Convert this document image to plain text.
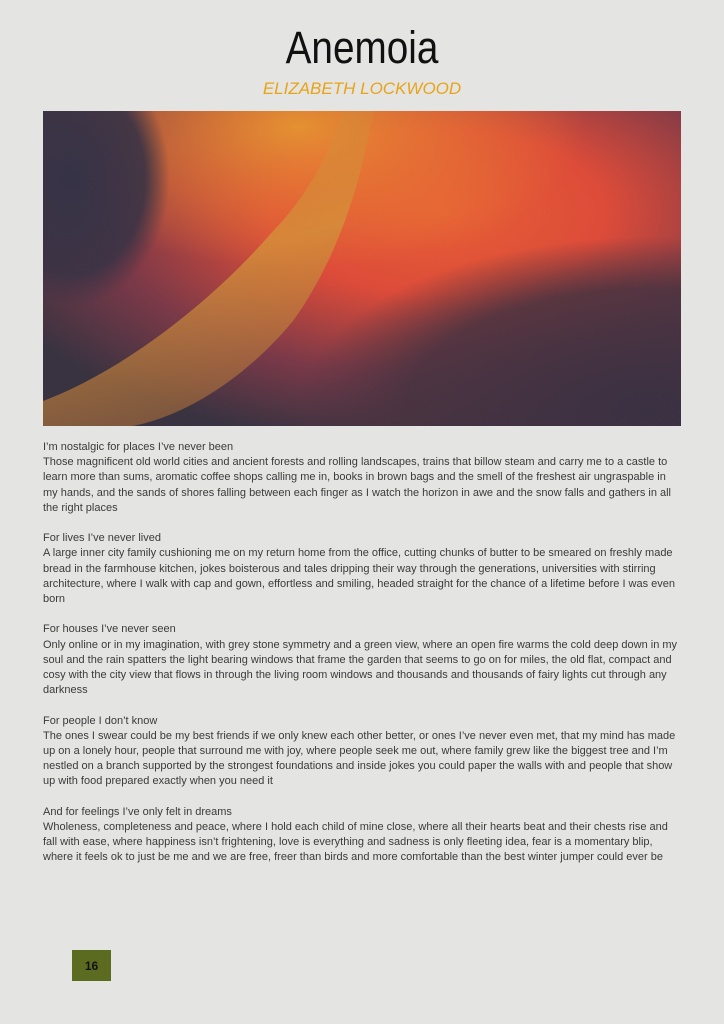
Anemoia
ELIZABETH LOCKWOOD

I’m nostalgic for places I’ve never been

Those magnificent old world cities and ancient forests and rolling landscapes, trains that billow steam and carry me to a castle to learn more than sums, aromatic coffee shops calling me in, books in brown bags and the smell of the freshest air ungraspable in my hands, and the sands of shores falling between each finger as I watch the horizon in awe and the snow falls and gathers in all the right places

For lives I’ve never lived

A large inner city family cushioning me on my return home from the office, cutting chunks of butter to be smeared on freshly made bread in the farmhouse kitchen, jokes boisterous and tales dripping their way through the generations, universities with stirring architecture, where I walk with cap and gown, effortless and smiling, headed straight for the chance of a lifetime before I was even born

For houses I’ve never seen

Only online or in my imagination, with grey stone symmetry and a green view, where an open fire warms the cold deep down in my soul and the rain spatters the light bearing windows that frame the garden that seems to go on for miles, the old flat, compact and cosy with the city view that flows in through the living room windows and thousands and thousands of fairy lights cut through any darkness

For people I don’t know

The ones I swear could be my best friends if we only knew each other better, or ones I’ve never even met, that my mind has made up on a lonely hour, people that surround me with joy, where people seek me out, where family grew like the biggest tree and I’m nestled on a branch supported by the strongest foundations and inside jokes you could paper the walls with and people that show up with food prepared exactly when you need it

And for feelings I’ve only felt in dreams

Wholeness, completeness and peace, where I hold each child of mine close, where all their hearts beat and their chests rise and fall with ease, where happiness isn’t frightening, love is everything and sadness is only fleeting idea, fear is a momentary blip, where it feels ok to just be me and we are free, freer than birds and more comfortable than the best winter jumper could ever be

16
